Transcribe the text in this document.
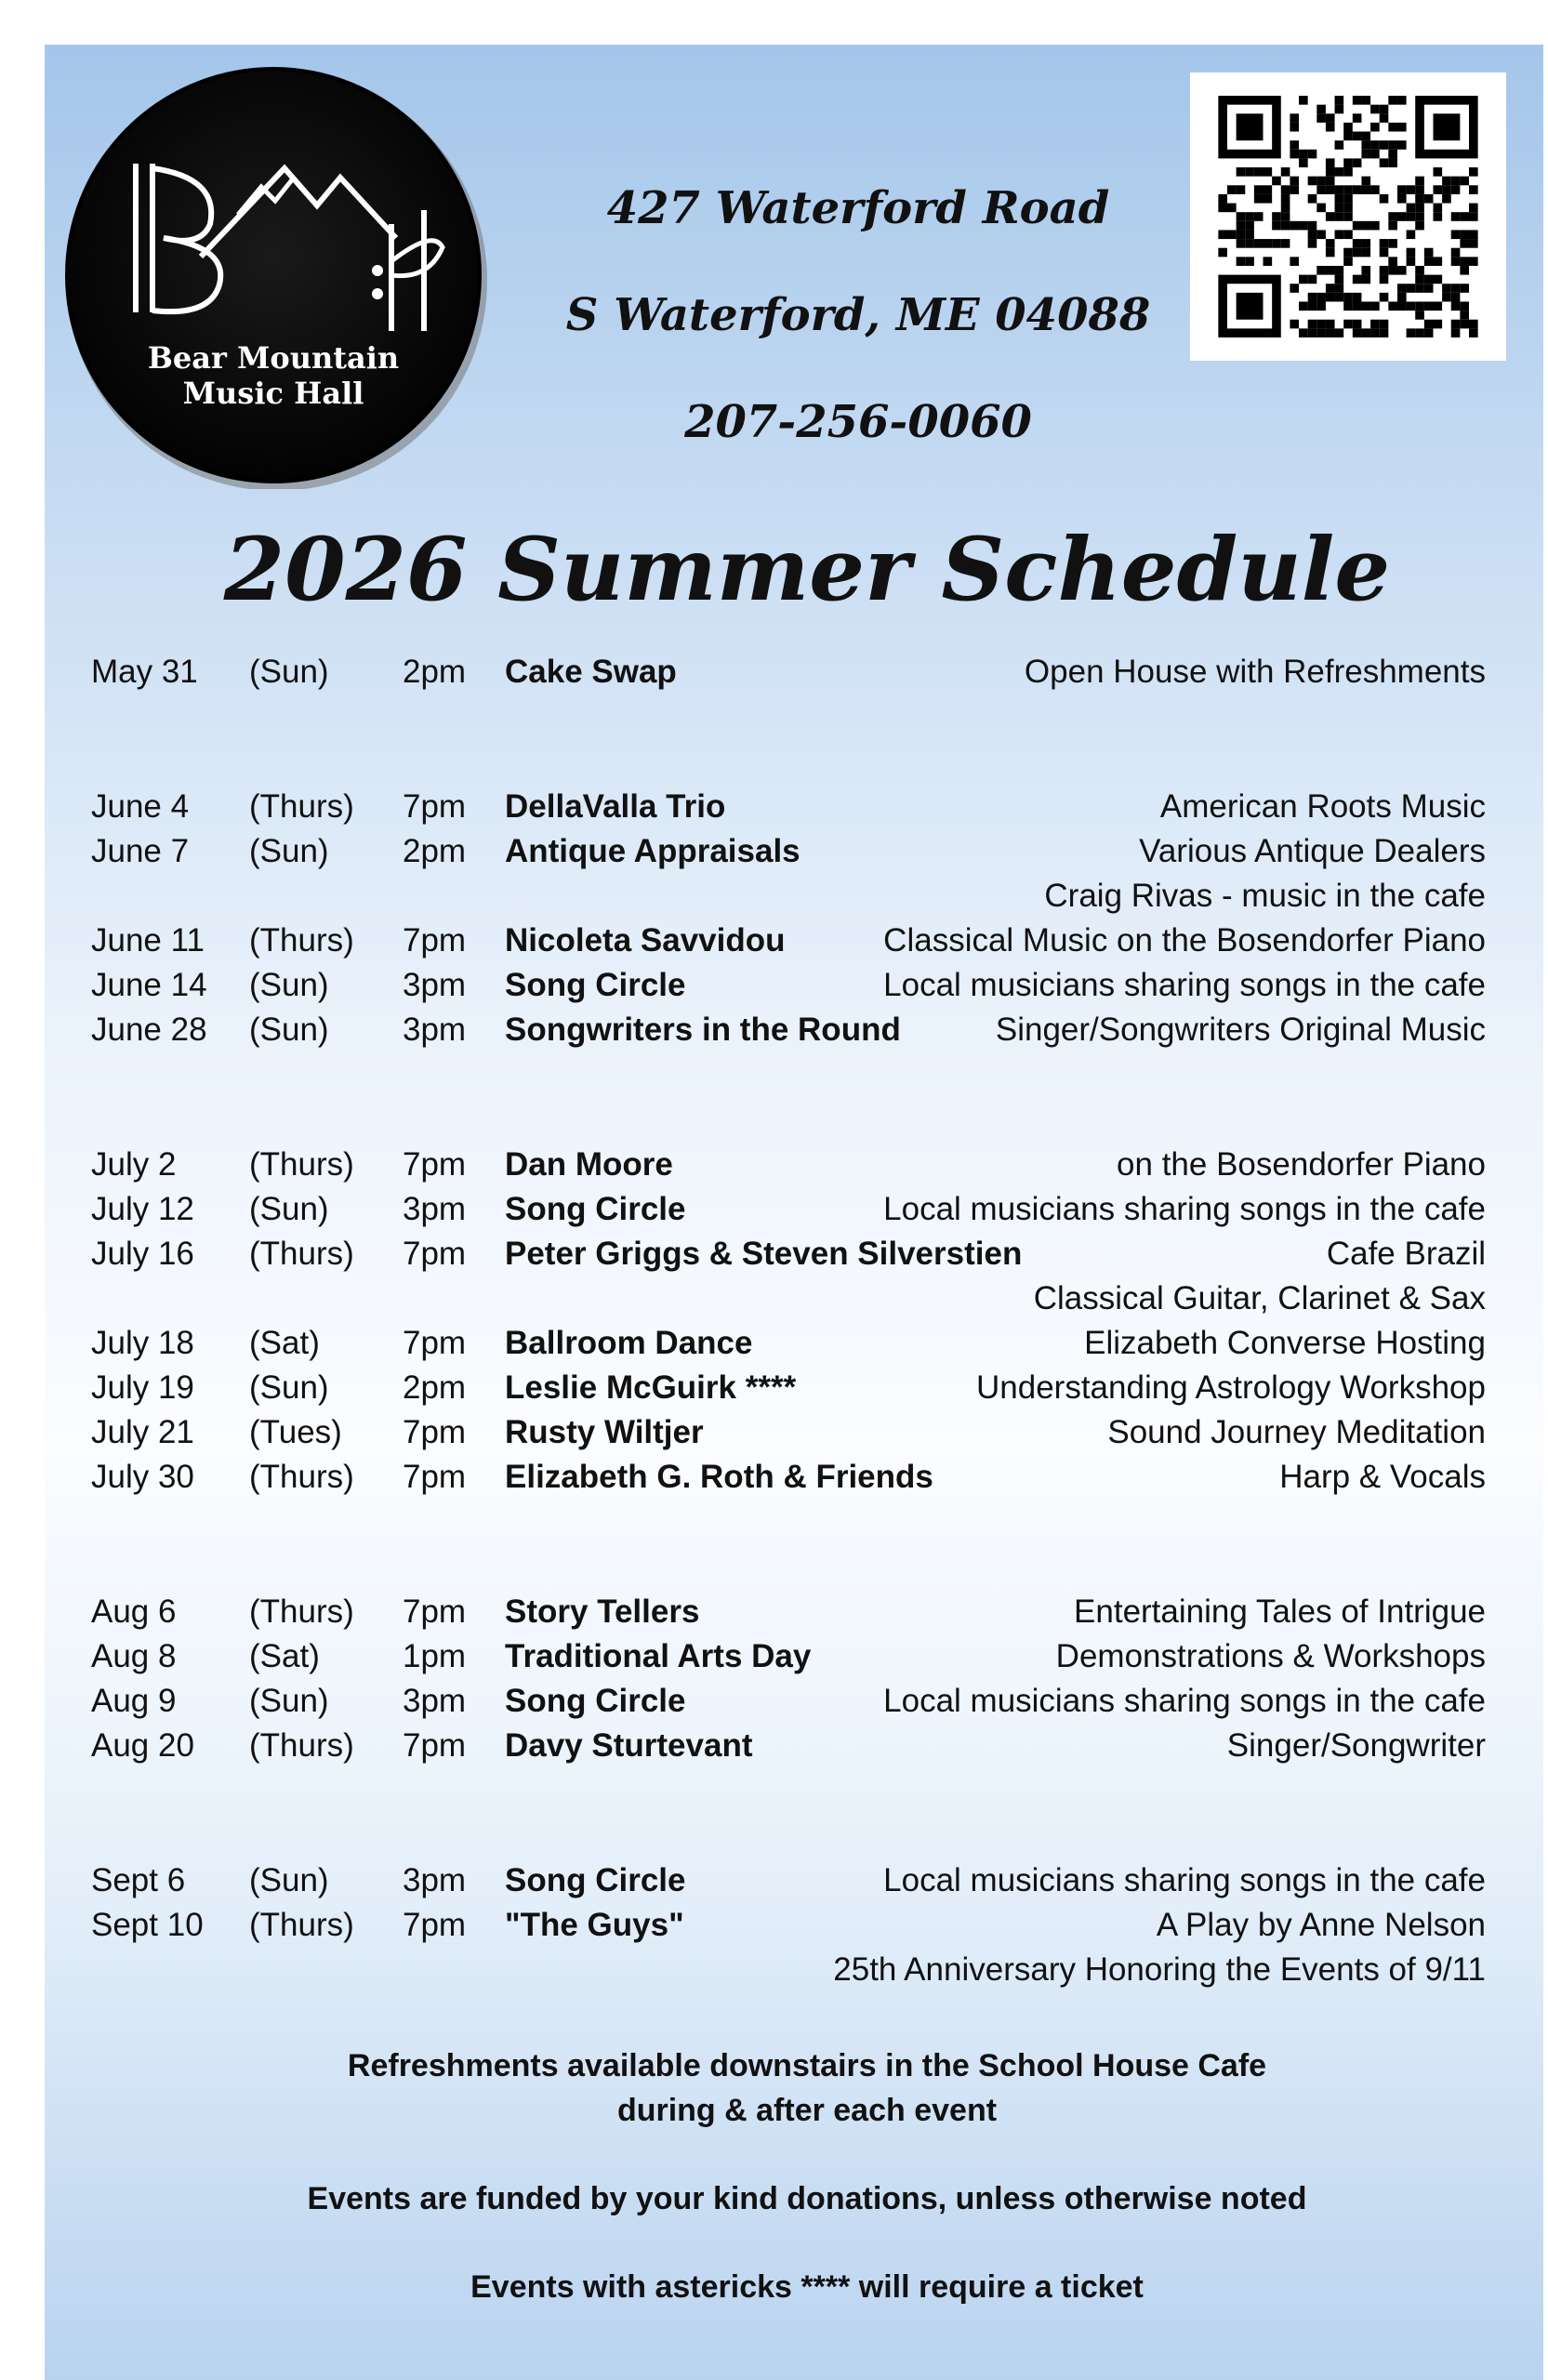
Bear Mountain
Music Hall
427 Waterford Road
S Waterford, ME 04088
207-256-0060
2026 Summer Schedule
May 31 (Sun) 2pm Cake Swap	Open House with Refreshments
June 4 (Thurs) 7pm DellaValla Trio	American Roots Music
June 7 (Sun) 2pm Antique Appraisals	Various Antique Dealers
Craig Rivas - music in the cafe
June 11 (Thurs) 7pm Nicoleta Savvidou	Classical Music on the Bosendorfer Piano
June 14 (Sun) 3pm Song Circle	Local musicians sharing songs in the cafe
June 28 (Sun) 3pm Songwriters in the Round	Singer/Songwriters Original Music
July 2 (Thurs) 7pm Dan Moore	on the Bosendorfer Piano
July 12 (Sun) 3pm Song Circle	Local musicians sharing songs in the cafe
July 16 (Thurs) 7pm Peter Griggs & Steven Silverstien	Cafe Brazil
Classical Guitar, Clarinet & Sax
July 18 (Sat)	7pm Ballroom Dance	Elizabeth Converse Hosting
July 19 (Sun) 2pm Leslie McGuirk ****	Understanding Astrology Workshop
July 21 (Tues) 7pm Rusty Wiltjer	Sound Journey Meditation
July 30 (Thurs) 7pm Elizabeth G. Roth & Friends	Harp & Vocals
Aug 6 (Thurs) 7pm Story Tellers	Entertaining Tales of Intrigue
Aug 8 (Sat)	1pm Traditional Arts Day	Demonstrations & Workshops
Aug 9 (Sun) 3pm Song Circle	Local musicians sharing songs in the cafe
Aug 20 (Thurs) 7pm Davy Sturtevant	Singer/Songwriter
Sept 6 (Sun) 3pm Song Circle	Local musicians sharing songs in the cafe
Sept 10 (Thurs) 7pm "The Guys"	A Play by Anne Nelson
25th Anniversary Honoring the Events of 9/11
Refreshments available downstairs in the School House Cafe
during & after each event
Events are funded by your kind donations, unless otherwise noted
Events with astericks **** will require a ticket
